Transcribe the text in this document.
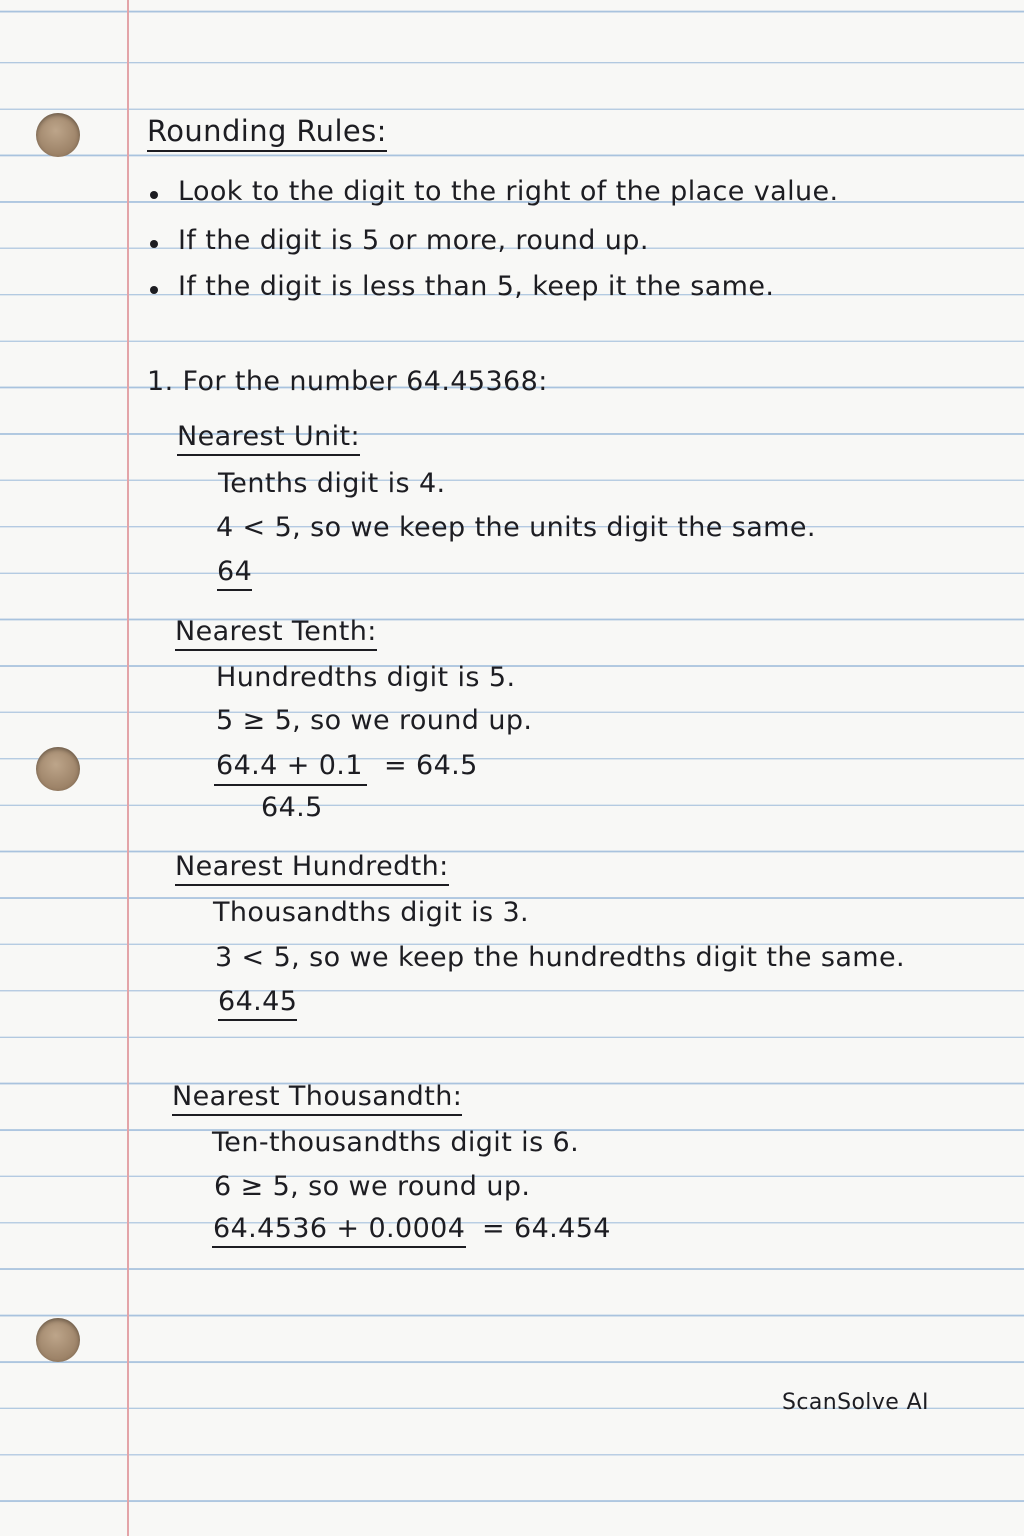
Rounding Rules:
Look to the digit to the right of the place value.
If the digit is 5 or more, round up.
If the digit is less than 5, keep it the same.
1. For the number 64.45368:
Nearest Unit:
Tenths digit is 4.
4 < 5, so we keep the units digit the same.
64
Nearest Tenth:
Hundredths digit is 5.
5 ≥ 5, so we round up.
64.4 + 0.1 = 64.5
64.5
Nearest Hundredth:
Thousandths digit is 3.
3 < 5, so we keep the hundredths digit the same.
64.45
Nearest Thousandth:
Ten-thousandths digit is 6.
6 ≥ 5, so we round up.
64.4536 + 0.0004 = 64.454
ScanSolve AI
